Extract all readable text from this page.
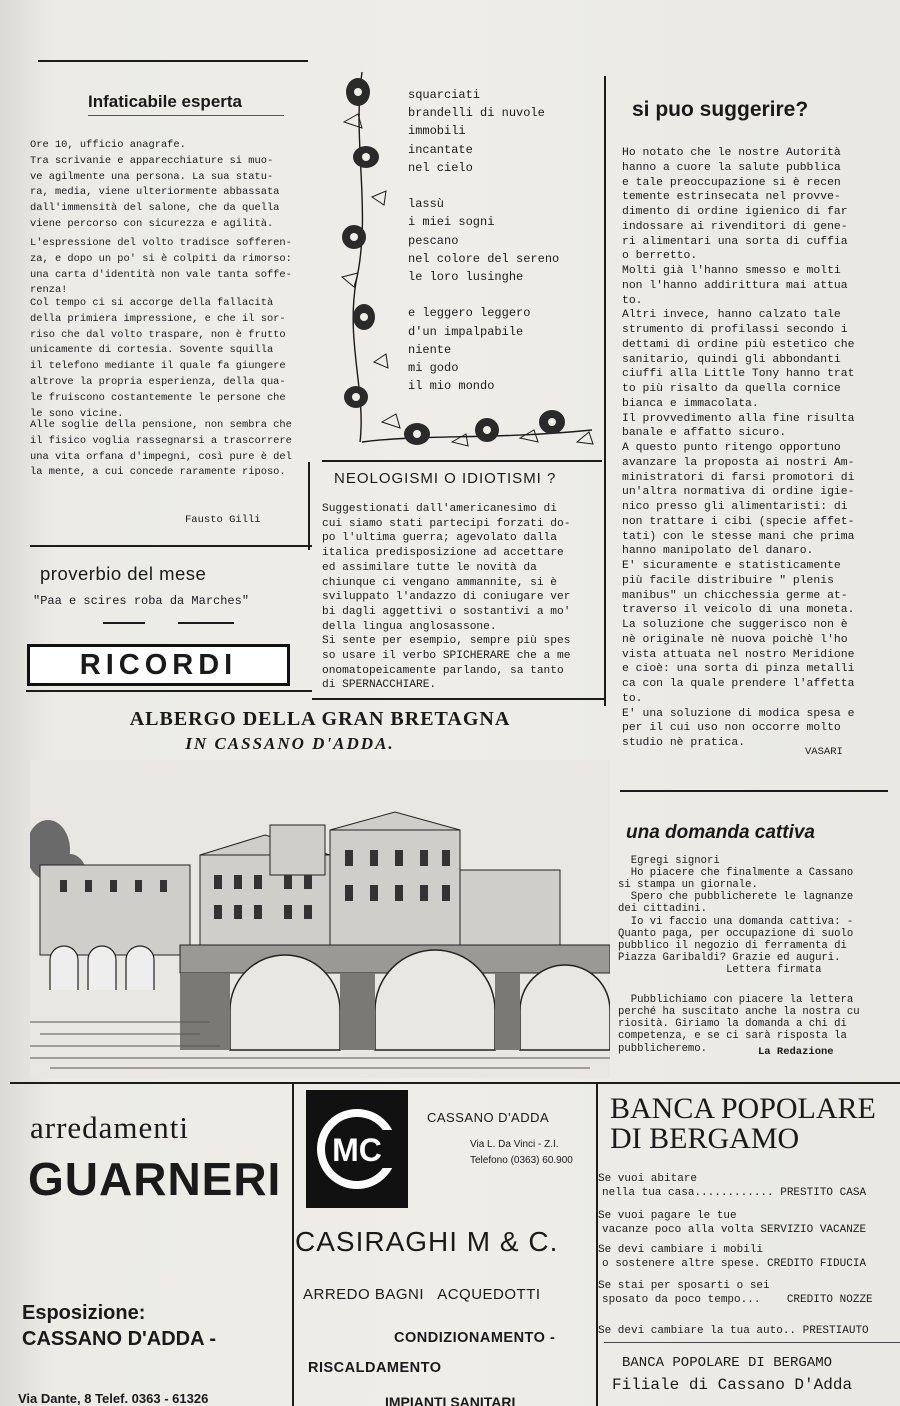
Infaticabile esperta
Ore 10, ufficio anagrafe.
Tra scrivanie e apparecchiature si muo-
ve agilmente una persona. La sua statu-
ra, media, viene ulteriormente abbassata
dall'immensità del salone, che da quella
viene percorso con sicurezza e agilità.
L'espressione del volto tradisce sofferen-
za, e dopo un po' si è colpiti da rimorso:
una carta d'identità non vale tanta soffe-
renza!
Col tempo ci si accorge della fallacità
della primiera impressione, e che il sor-
riso che dal volto traspare, non è frutto
unicamente di cortesia. Sovente squilla
il telefono mediante il quale fa giungere
altrove la propria esperienza, della qua-
le fruiscono costantemente le persone che
le sono vicine.
Alle soglie della pensione, non sembra che
il fisico voglia rassegnarsi a trascorrere
una vita orfana d'impegni, così pure è del
la mente, a cui concede raramente riposo.
Fausto Gilli
squarciati
brandelli di nuvole
immobili
incantate
nel cielo
lassù
i miei sogni
pescano
nel colore del sereno
le loro lusinghe
e leggero leggero
d'un impalpabile
niente
mi godo
il mio mondo
NEOLOGISMI O IDIOTISMI ?
Suggestionati dall'americanesimo di
cui siamo stati partecipi forzati do-
po l'ultima guerra; agevolato dalla
italica predisposizione ad accettare
ed assimilare tutte le novità da
chiunque ci vengano ammannite, si è
sviluppato l'andazzo di coniugare ver
bi dagli aggettivi o sostantivi a mo'
della lingua anglosassone.
Si sente per esempio, sempre più spes
so usare il verbo SPICHERARE che a me
onomatopeicamente parlando, sa tanto
di SPERNACCHIARE.
si puo suggerire?
Ho notato che le nostre Autorità
hanno a cuore la salute pubblica
e tale preoccupazione si è recen
temente estrinsecata nel provve-
dimento di ordine igienico di far
indossare ai rivenditori di gene-
ri alimentari una sorta di cuffia
o berretto.
Molti già l'hanno smesso e molti
non l'hanno addirittura mai attua
to.
Altri invece, hanno calzato tale
strumento di profilassi secondo i
dettami di ordine più estetico che
sanitario, quindi gli abbondanti
ciuffi alla Little Tony hanno trat
to più risalto da quella cornice
bianca e immacolata.
Il provvedimento alla fine risulta
banale e affatto sicuro.
A questo punto ritengo opportuno
avanzare la proposta ai nostri Am-
ministratori di farsi promotori di
un'altra normativa di ordine igie-
nico presso gli alimentaristi: di
non trattare i cibi (specie affet-
tati) con le stesse mani che prima
hanno manipolato del danaro.
E' sicuramente e statisticamente
più facile distribuire " plenis
manibus" un chicchessia germe at-
traverso il veicolo di una moneta.
La soluzione che suggerisco non è
nè originale nè nuova poichè l'ho
vista attuata nel nostro Meridione
e cioè: una sorta di pinza metalli
ca con la quale prendere l'affetta
to.
E' una soluzione di modica spesa e
per il cui uso non occorre molto
studio nè pratica.
VASARI
una domanda cattiva
Egregi signori
Ho piacere che finalmente a Cassano
si stampa un giornale.
Spero che pubblicherete le lagnanze
dei cittadini.
Io vi faccio una domanda cattiva: -
Quanto paga, per occupazione di suolo
pubblico il negozio di ferramenta di
Piazza Garibaldi? Grazie ed auguri.
Lettera firmata
Pubblichiamo con piacere la lettera
perché ha suscitato anche la nostra cu
riosità. Giriamo la domanda a chi di
competenza, e se ci sarà risposta la
pubblicheremo.	La Redazione
proverbio del mese
"Paa e scires roba da Marches"
RICORDI
ALBERGO DELLA GRAN BRETAGNA
IN CASSANO D'ADDA.
arredamenti
GUARNERI
Esposizione:
CASSANO D'ADDA -
Via Dante, 8 Telef. 0363 - 61326
MC
CASSANO D'ADDA
Via L. Da Vinci - Z.I.
Telefono (0363) 60.900
CASIRAGHI M & C.
ARREDO BAGNI   ACQUEDOTTI
CONDIZIONAMENTO -
RISCALDAMENTO
IMPIANTI SANITARI
BANCA POPOLARE DI BERGAMO
Se vuoi abitare
nella tua casa............ PRESTITO CASA
Se vuoi pagare le tue
vacanze poco alla volta SERVIZIO VACANZE
Se devi cambiare i mobili
o sostenere altre spese. CREDITO FIDUCIA
Se stai per sposarti o sei
sposato da poco tempo...    CREDITO NOZZE
Se devi cambiare la tua auto.. PRESTIAUTO
BANCA POPOLARE DI BERGAMO
Filiale di Cassano D'Adda
